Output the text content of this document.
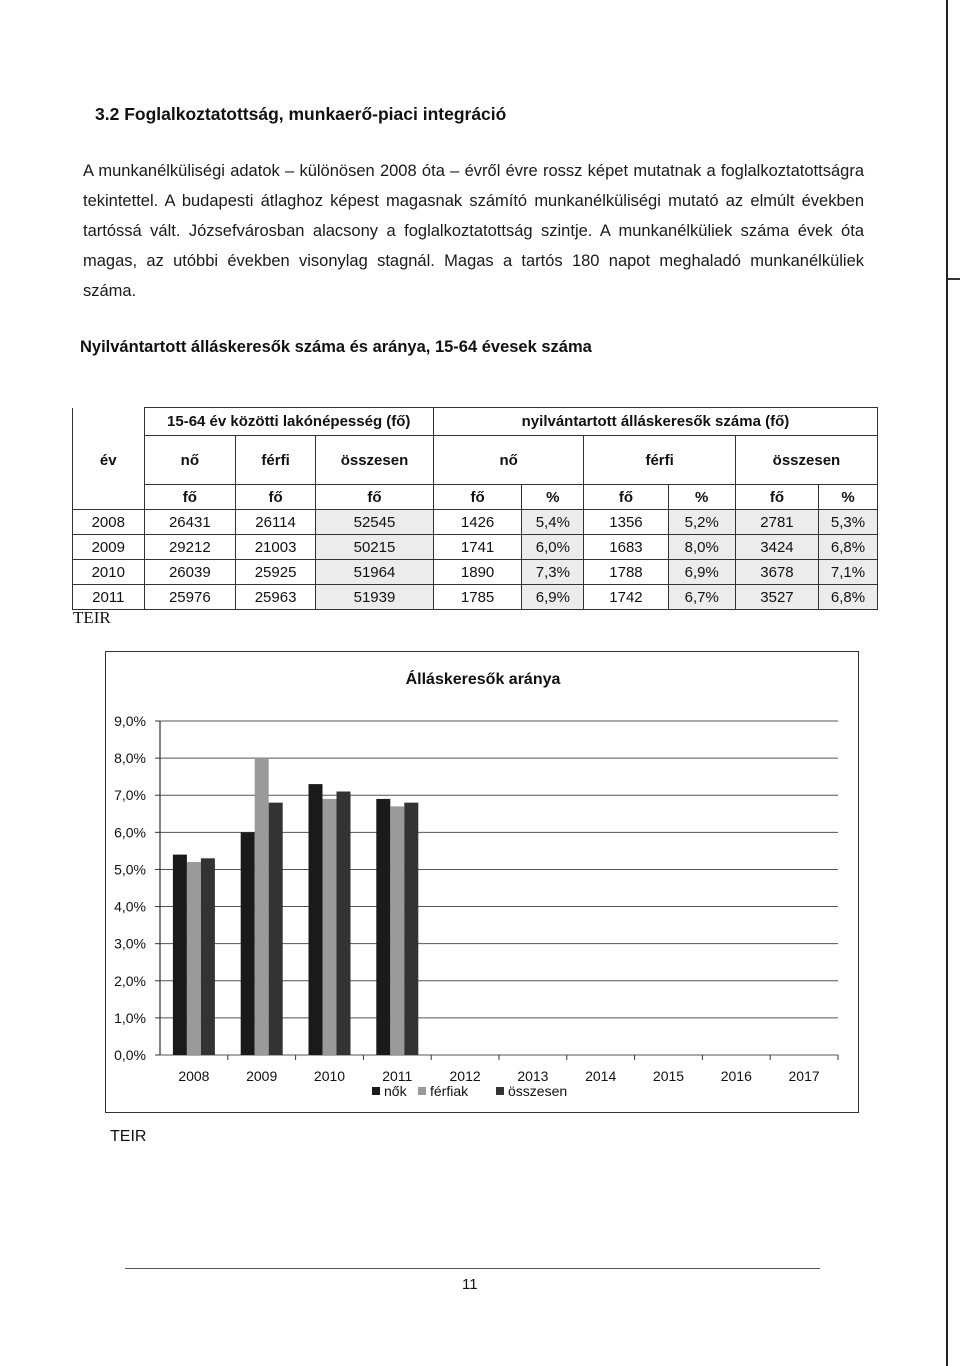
3.2 Foglalkoztatottság, munkaerő-piaci integráció

A munkanélküliségi adatok – különösen 2008 óta – évről évre rossz képet mutatnak a foglalkoztatottságra tekintettel. A budapesti átlaghoz képest magasnak számító munkanélküliségi mutató az elmúlt években tartóssá vált. Józsefvárosban alacsony a foglalkoztatottság szintje. A munkanélküliek száma évek óta magas, az utóbbi években visonylag stagnál. Magas a tartós 180 napot meghaladó munkanélküliek száma.

Nyilvántartott álláskeresők száma és aránya, 15-64 évesek száma
	15-64 év közötti lakónépesség (fő)			nyilvántartott álláskeresők száma (fő)					
év	nő	férfi	összesen	nő		férfi		összesen	
	fő	fő	fő	fő	%	fő	%	fő	%
2008	26431	26114	52545	1426	5,4%	1356	5,2%	2781	5,3%
2009	29212	21003	50215	1741	6,0%	1683	8,0%	3424	6,8%
2010	26039	25925	51964	1890	7,3%	1788	6,9%	3678	7,1%
2011	25976	25963	51939	1785	6,9%	1742	6,7%	3527	6,8%
TEIR
Álláskeresők aránya
0,0%
1,0%
2,0%
3,0%
4,0%
5,0%
6,0%
7,0%
8,0%
9,0%
2008	2009	2010	2011	2012	2013	2014	2015	2016	2017
nők férfiak	összesen
TEIR
11
